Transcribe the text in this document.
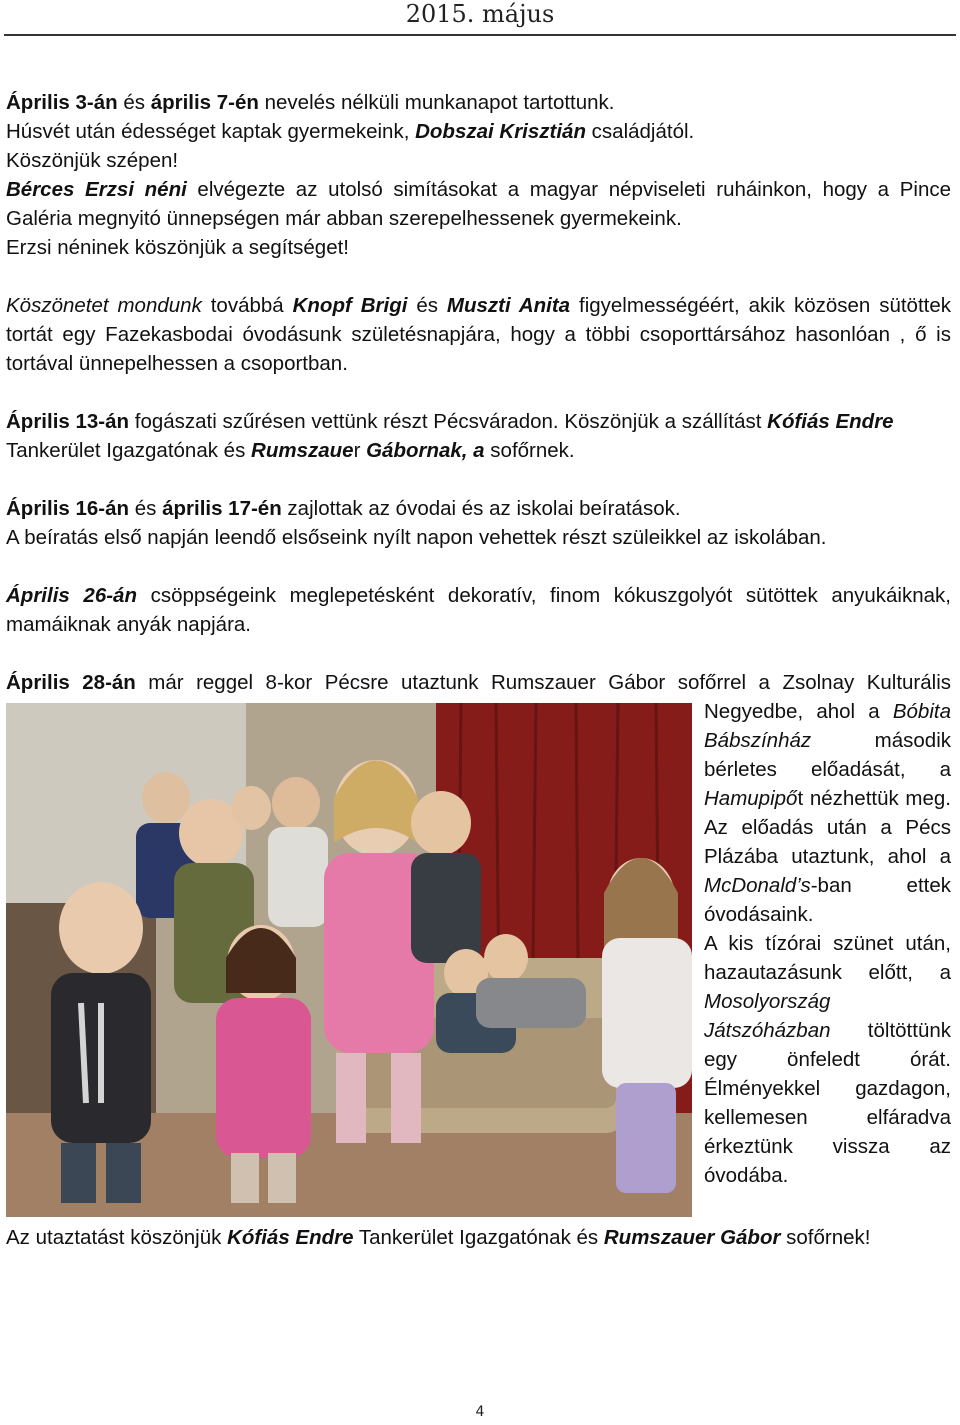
2015. május

Április 3-án és április 7-én nevelés nélküli munkanapot tartottunk.
Húsvét után édességet kaptak gyermekeink, Dobszai Krisztián családjától.
Köszönjük szépen!

Bérces Erzsi néni elvégezte az utolsó simításokat a magyar népviseleti ruháinkon, hogy a Pince Galéria megnyitó ünnepségen már abban szerepelhessenek gyermekeink.

Erzsi néninek köszönjük a segítséget!

Köszönetet mondunk továbbá Knopf Brigi és Muszti Anita figyelmességéért, akik közösen sütöttek tortát egy Fazekasbodai óvodásunk születésnapjára, hogy a többi csoporttársához hasonlóan , ő is tortával ünnepelhessen a csoportban.

Április 13-án fogászati szűrésen vettünk részt Pécsváradon. Köszönjük a szállítást Kófiás Endre Tankerület Igazgatónak és Rumszauer Gábornak, a sofőrnek.

Április 16-án és április 17-én zajlottak az óvodai és az iskolai beíratások.

A beíratás első napján leendő elsőseink nyílt napon vehettek részt szüleikkel az iskolában.

Április 26-án csöppségeink meglepetésként dekoratív, finom kókuszgolyót sütöttek anyukáiknak, mamáiknak anyák napjára.

Április 28-án már reggel 8-kor Pécsre utaztunk Rumszauer Gábor sofőrrel a
Zsolnay Kulturális Negyedbe, ahol a Bóbita Bábszínház második bérletes előadását, a Hamupipőt nézhettük meg. Az előadás után a Pécs Plázába utaztunk, ahol a McDonald’s-ban ettek óvodásaink.
A kis tízórai szünet után, hazautazásunk előtt, a Mosolyország Játszóházban töltöttünk egy önfeledt órát. Élményekkel gazdagon, kellemesen elfáradva érkeztünk vissza az óvodába.

Az utaztatást köszönjük Kófiás Endre Tankerület Igazgatónak és Rumszauer Gábor sofőrnek!

4
